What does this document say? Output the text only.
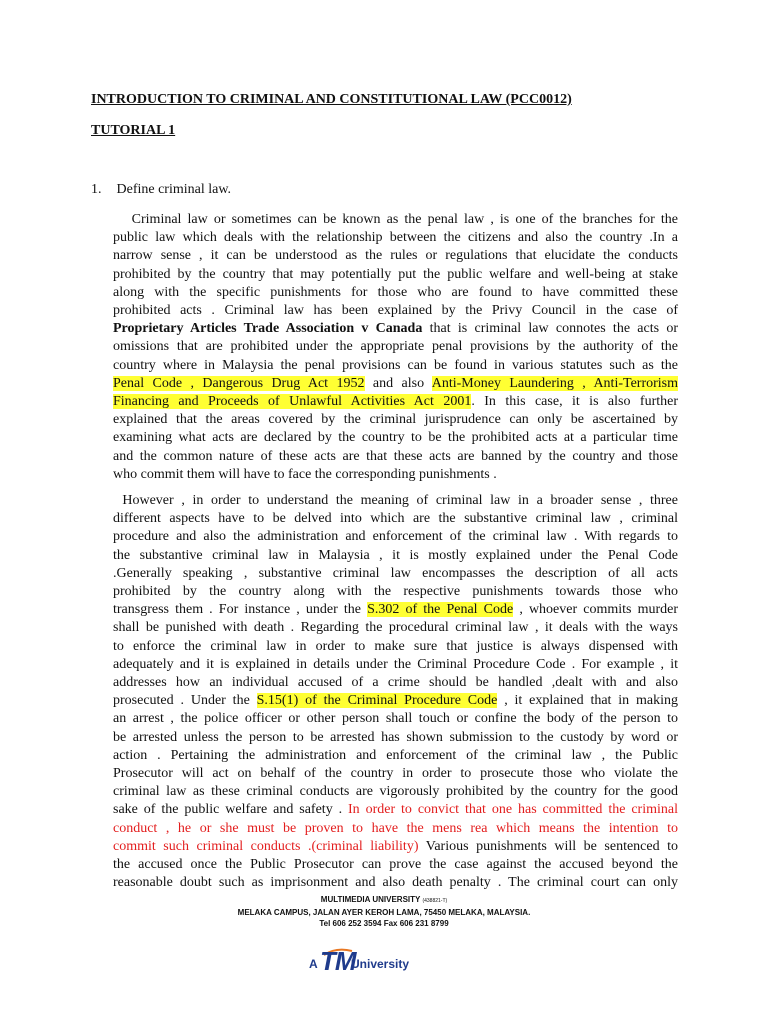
INTRODUCTION TO CRIMINAL AND CONSTITUTIONAL LAW (PCC0012)
TUTORIAL 1
1. Define criminal law.
  Criminal law or sometimes can be known as the penal law , is one of the branches for the
public law which deals with the relationship between the citizens and also the country .In a
narrow sense , it can be understood as the rules or regulations that elucidate the conducts
prohibited by the country that may potentially put the public welfare and well-being at stake
along with the specific punishments for those who are found to have committed these
prohibited acts . Criminal law has been explained by the Privy Council in the case of
Proprietary Articles Trade Association v Canada that is criminal law connotes the acts or
omissions that are prohibited under the appropriate penal provisions by the authority of the
country where in Malaysia the penal provisions can be found in various statutes such as the
Penal Code , Dangerous Drug Act 1952 and also Anti-Money Laundering , Anti-Terrorism
Financing and Proceeds of Unlawful Activities Act 2001. In this case, it is also further
explained that the areas covered by the criminal jurisprudence can only be ascertained by
examining what acts are declared by the country to be the prohibited acts at a particular time
and the common nature of these acts are that these acts are banned by the country and those
who commit them will have to face the corresponding punishments .
  However , in order to understand the meaning of criminal law in a broader sense , three
different aspects have to be delved into which are the substantive criminal law , criminal
procedure and also the administration and enforcement of the criminal law . With regards to
the substantive criminal law in Malaysia , it is mostly explained under the Penal Code
.Generally speaking , substantive criminal law encompasses the description of all acts
prohibited by the country along with the respective punishments towards those who
transgress them . For instance , under the S.302 of the Penal Code , whoever commits murder
shall be punished with death . Regarding the procedural criminal law , it deals with the ways
to enforce the criminal law in order to make sure that justice is always dispensed with
adequately and it is explained in details under the Criminal Procedure Code . For example , it
addresses how an individual accused of a crime should be handled ,dealt with and also
prosecuted . Under the S.15(1) of the Criminal Procedure Code , it explained that in making
an arrest , the police officer or other person shall touch or confine the body of the person to
be arrested unless the person to be arrested has shown submission to the custody by word or
action . Pertaining the administration and enforcement of the criminal law , the Public
Prosecutor will act on behalf of the country in order to prosecute those who violate the
criminal law as these criminal conducts are vigorously prohibited by the country for the good
sake of the public welfare and safety . In order to convict that one has committed the criminal
conduct , he or she must be proven to have the mens rea which means the intention to
commit such criminal conducts .(criminal liability) Various punishments will be sentenced to
the accused once the Public Prosecutor can prove the case against the accused beyond the
reasonable doubt such as imprisonment and also death penalty . The criminal court can only
MULTIMEDIA UNIVERSITY (438821-T)
MELAKA CAMPUS, JALAN AYER KEROH LAMA, 75450 MELAKA, MALAYSIA.
Tel 606 252 3594 Fax 606 231 8799
A TM
University
